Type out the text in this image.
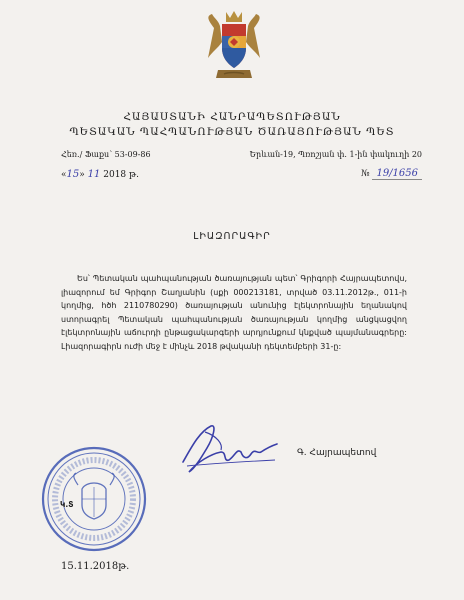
ՀԱՅԱՍՏԱՆԻ ՀԱՆՐԱՊԵՏՈՒԹՅԱՆ
ՊԵՏԱԿԱՆ ՊԱՀՊԱՆՈՒԹՅԱՆ ԾԱՌԱՅՈՒԹՅԱՆ ՊԵՏ
Հեռ./ Ֆաքս՝ 53-09-86	Երևան-19, Պռոշյան փ. 1-ին փակուղի 20
«15» 11 2018 թ.	№ 19/1656
ԼԻԱԶՈՐԱԳԻՐ
Ես՝ Պետական պահպանության ծառայության պետ՝ Գրիգորի Հայրապետովս, լիազորում եմ Գրիգոր Շաղյանին (սքի 000213181, տրված 03.11.2012թ., 011-ի կողմից, հծհ 2110780290) ծառայության անունից էլեկտրոնային եղանակով ստորագրել Պետական պահպանության ծառայության կողմից անցկացվող էլեկտրոնային աճուրդի ընթացակարգերի արդյունքում կնքված պայմանագրերը: Լիազորագիրն ուժի մեջ է մինչև 2018 թվականի դեկտեմբերի 31-ը:
Գ. Հայրապետով
Կ.Տ
15.11.2018թ.
